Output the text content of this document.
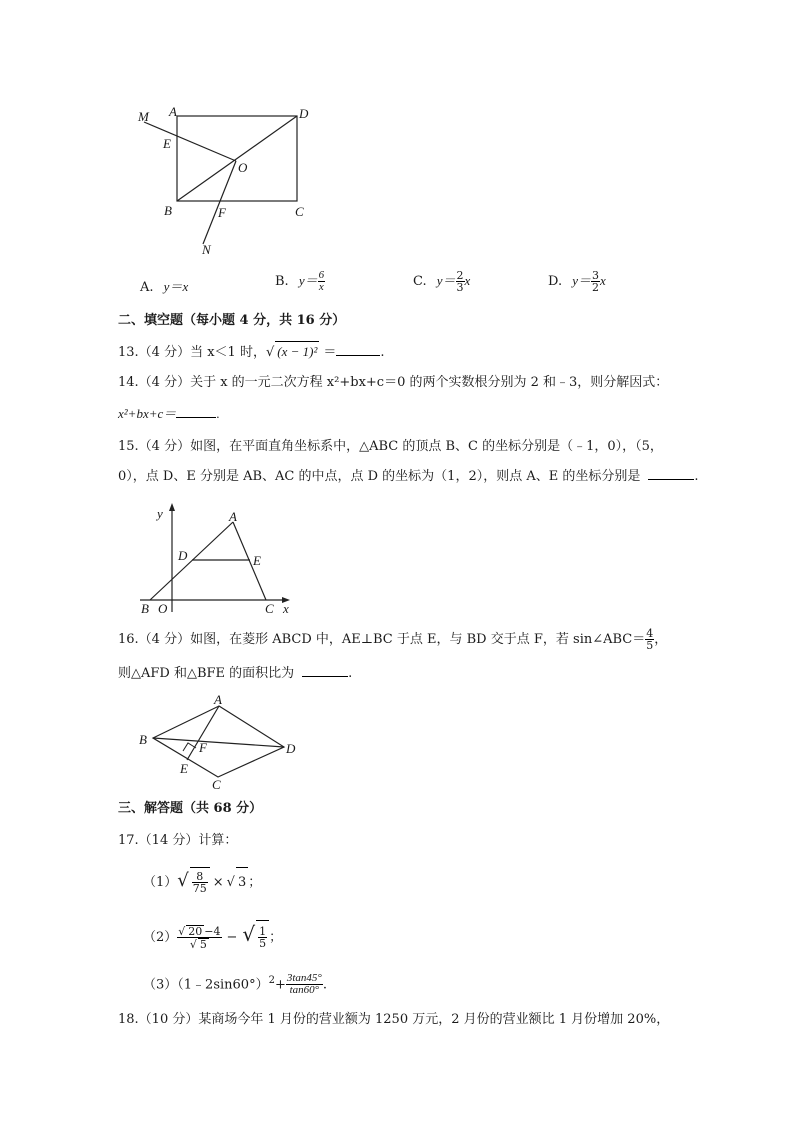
M A	D
E
O
B	F	C
N
A. y＝x	B. $y= \frac{6}{x}$	C. $y= \frac{2}{3}$ x	D. $y= \frac{3}{2}$ x
二、填空题（每小题 4 分，共 16 分）
13.（4 分）当 x＜1 时，√ (x − 1)² ＝	.
14.（4 分）关于 x 的一元二次方程 x²+bx+c＝0 的两个实数根分别为 2 和﹣3，则分解因式：
x²+bx+c＝	.
15.（4 分）如图，在平面直角坐标系中，△ABC 的顶点 B、C 的坐标分别是（﹣1，0），（5，
0），点 D、E 分别是 AB、AC 的中点，点 D 的坐标为（1，2），则点 A、E 的坐标分别是	.
y	A
D	E
B O	C x
16.（4 分）如图，在菱形 ABCD 中，AE⊥BC 于点 E，与 BD 交于点 F，若 sin∠ABC＝ $\frac{4}{5}$ ，
则△AFD 和△BFE 的面积比为	.
A
B
F	D
E
C
三、解答题（共 68 分）
17.（14 分）计算：
$(1)√ \frac{8}{75}$ × √ 3 ；
$(2) \frac{√ 20 -4}{√ 5}$ − √ $\frac{1}{5}$ ；
（3）（1﹣2sin60°）$^2$+ $\frac{3\tan 45^\circ}{\tan 60^\circ}$ .
18.（10 分）某商场今年 1 月份的营业额为 1250 万元，2 月份的营业额比 1 月份增加 20%，
